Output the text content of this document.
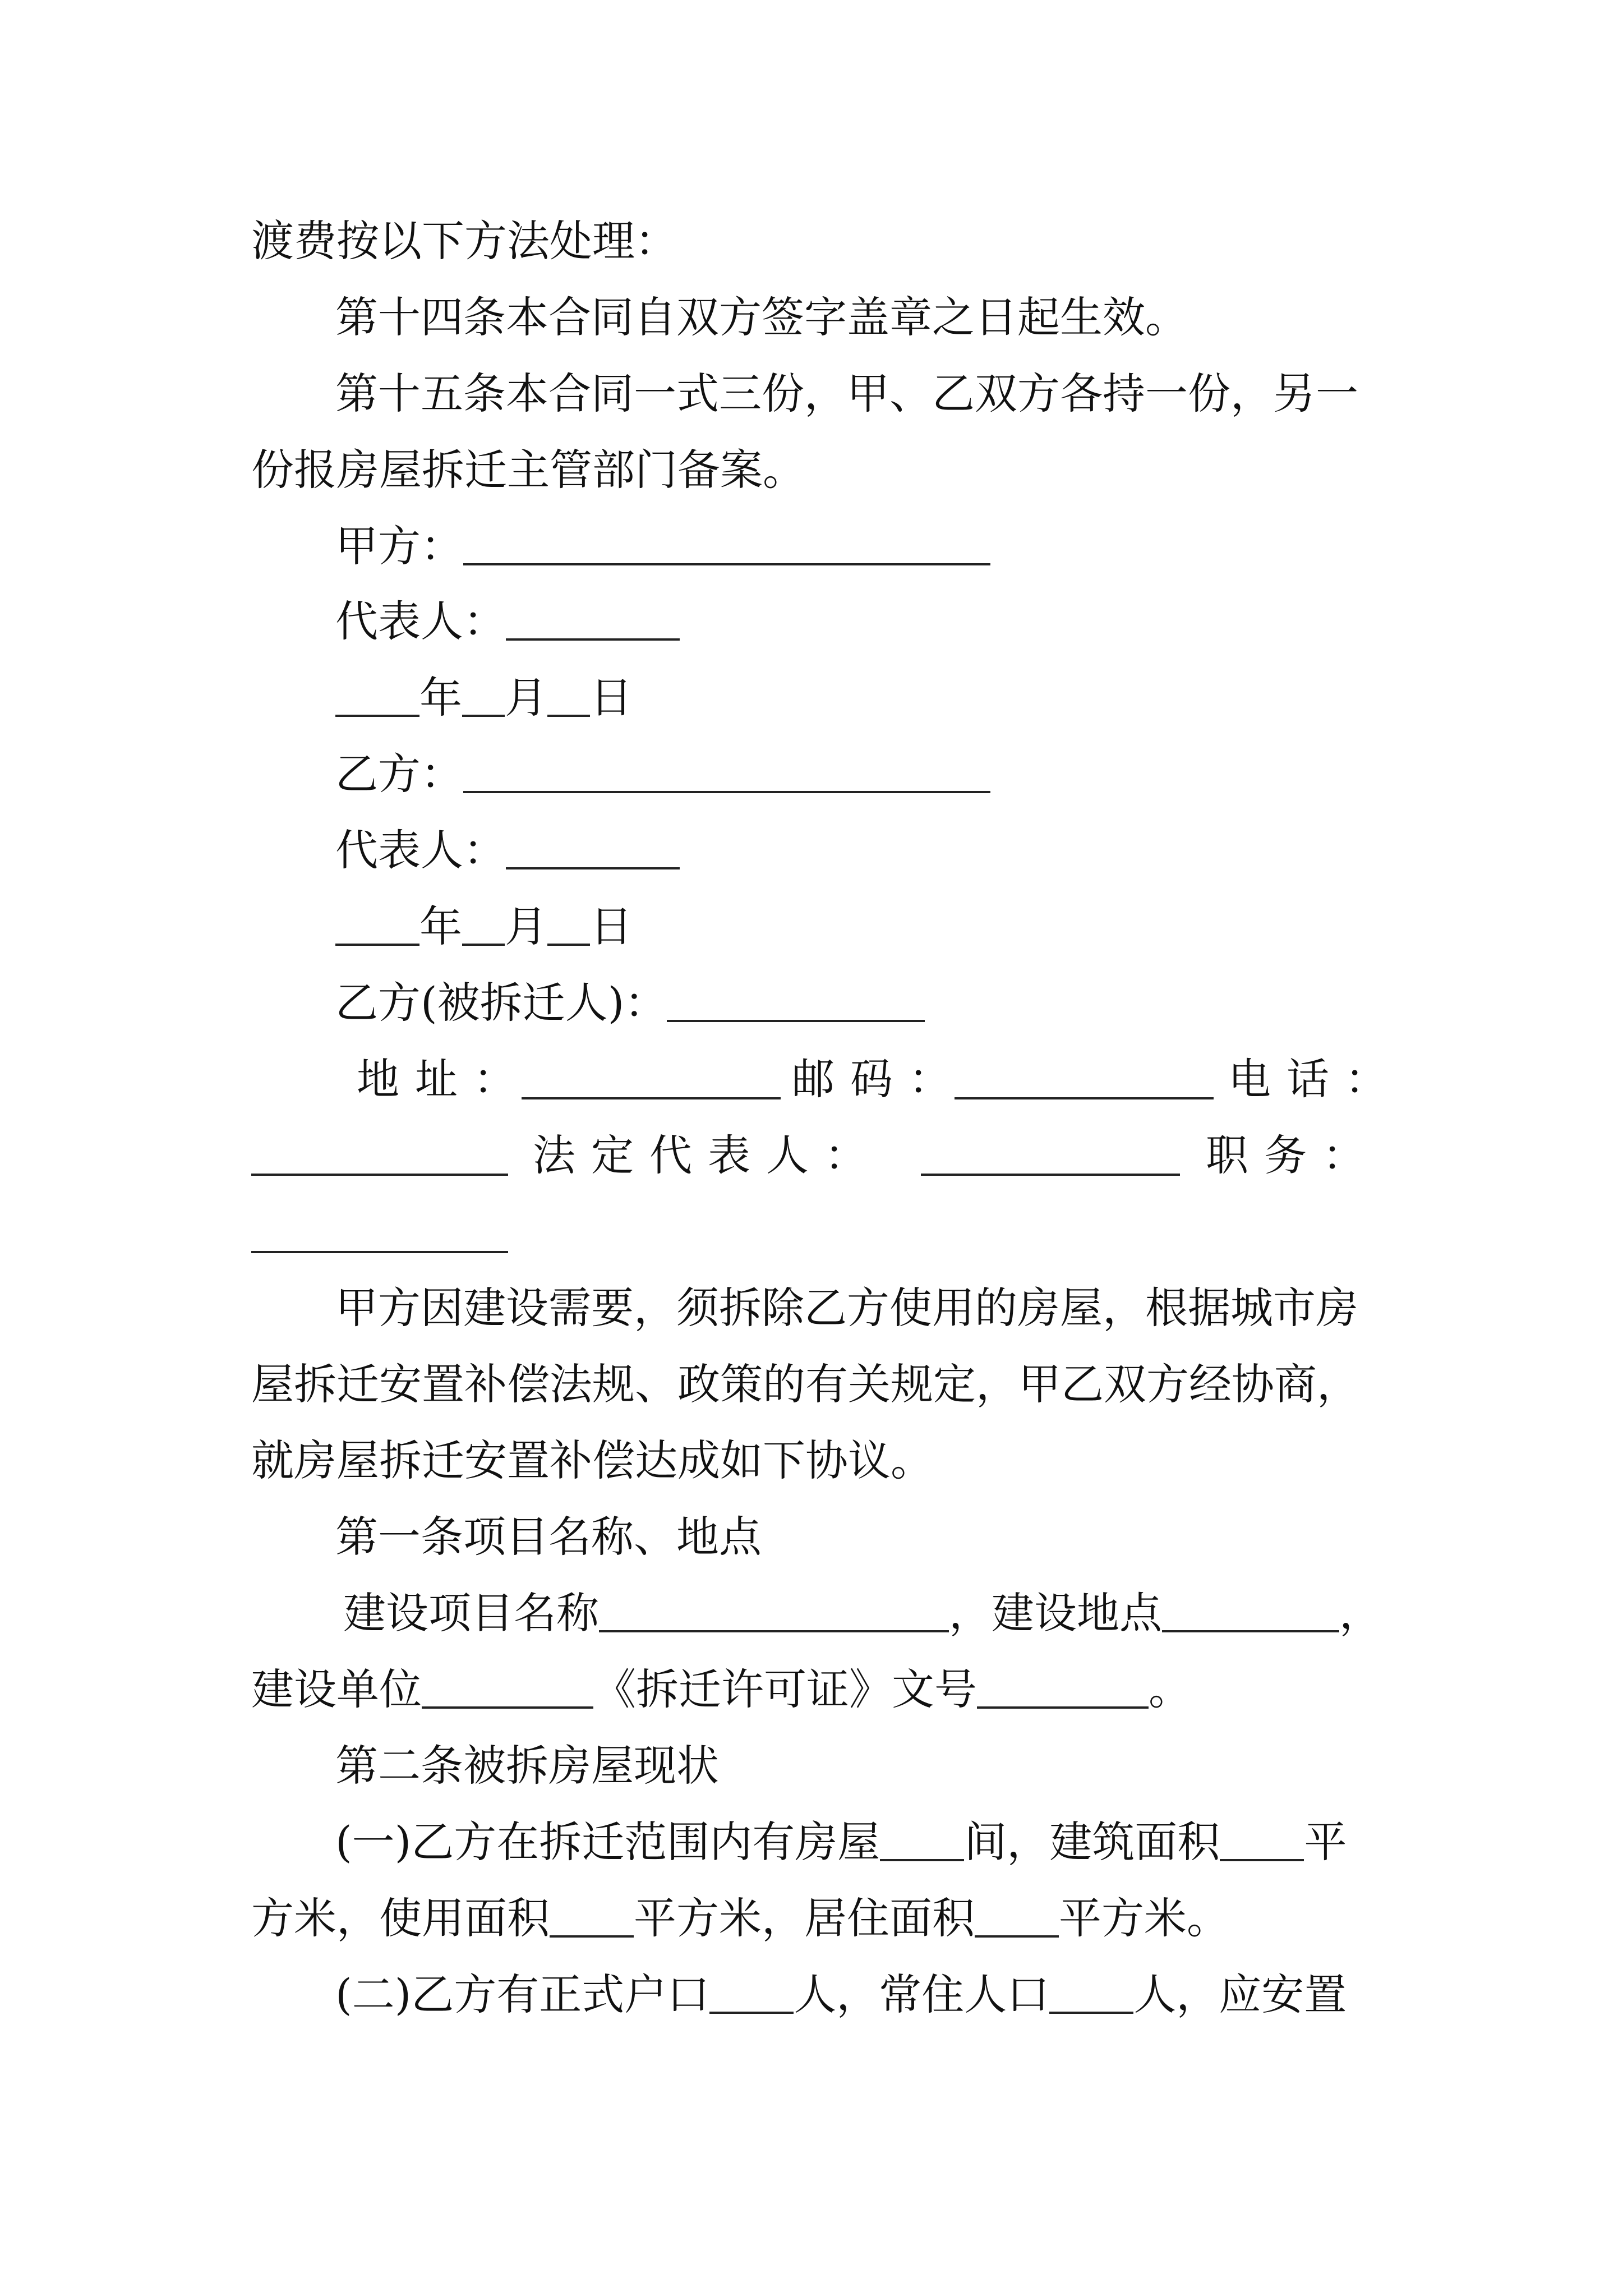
渡费按以下方法处理：
第十四条本合同自双方签字盖章之日起生效。
第十五条本合同一式三份，甲、乙双方各持一份，另一
份报房屋拆迁主管部门备案。
甲方：
代表人：
年 月 日
乙方：
代表人：
年 月 日
乙方(被拆迁人)：
地址：	邮码：	电话：
法定代表人：	职务：
甲方因建设需要，须拆除乙方使用的房屋，根据城市房
屋拆迁安置补偿法规、政策的有关规定，甲乙双方经协商，
就房屋拆迁安置补偿达成如下协议。
第一条项目名称、地点
建设项目名称	，建设地点	，
建设单位	《拆迁许可证》文号	。
第二条被拆房屋现状
(一)乙方在拆迁范围内有房屋 间，建筑面积 平
方米，使用面积 平方米，居住面积 平方米。
(二)乙方有正式户口 人，常住人口 人，应安置
